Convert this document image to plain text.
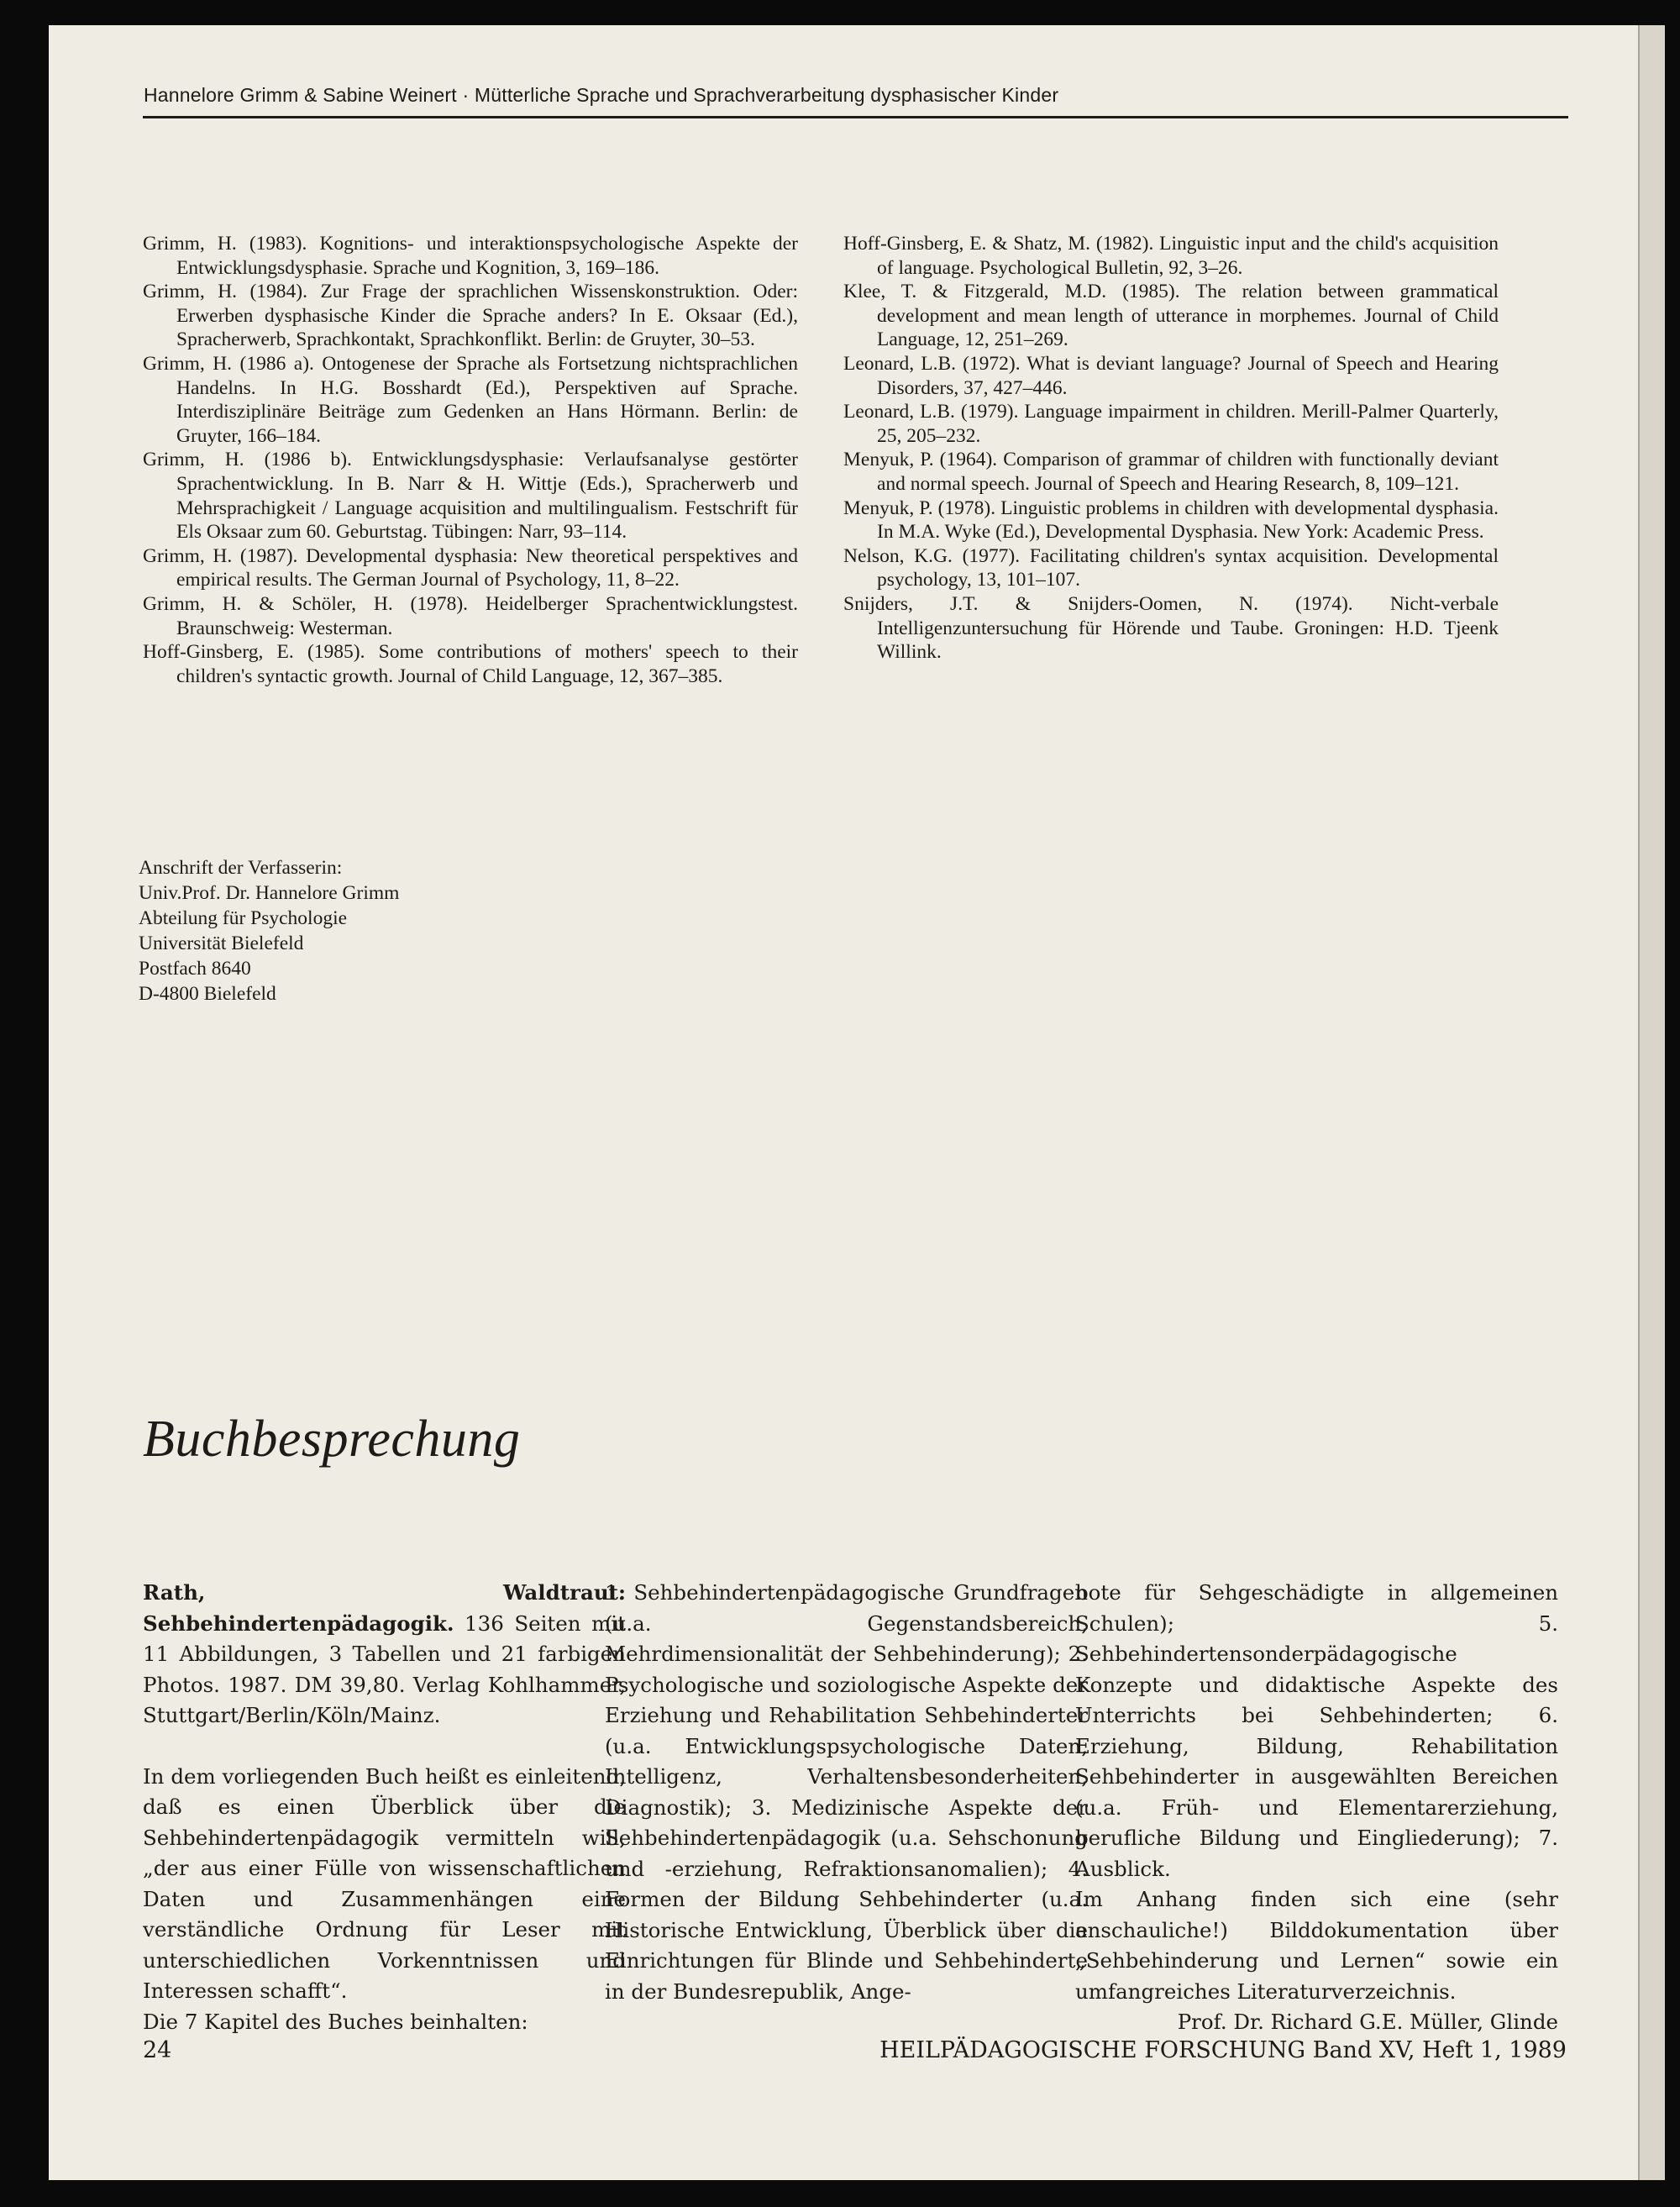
Hannelore Grimm & Sabine Weinert · Mütterliche Sprache und Sprachverarbeitung dysphasischer Kinder
Grimm, H. (1983). Kognitions- und interaktionspsychologische Aspekte der Entwicklungsdysphasie. Sprache und Kognition, 3, 169–186.
Grimm, H. (1984). Zur Frage der sprachlichen Wissenskonstruktion. Oder: Erwerben dysphasische Kinder die Sprache anders? In E. Oksaar (Ed.), Spracherwerb, Sprachkontakt, Sprachkonflikt. Berlin: de Gruyter, 30–53.
Grimm, H. (1986 a). Ontogenese der Sprache als Fortsetzung nichtsprachlichen Handelns. In H.G. Bosshardt (Ed.), Perspektiven auf Sprache. Interdisziplinäre Beiträge zum Gedenken an Hans Hörmann. Berlin: de Gruyter, 166–184.
Grimm, H. (1986 b). Entwicklungsdysphasie: Verlaufsanalyse gestörter Sprachentwicklung. In B. Narr & H. Wittje (Eds.), Spracherwerb und Mehrsprachigkeit / Language acquisition and multilingualism. Festschrift für Els Oksaar zum 60. Geburtstag. Tübingen: Narr, 93–114.
Grimm, H. (1987). Developmental dysphasia: New theoretical perspektives and empirical results. The German Journal of Psychology, 11, 8–22.
Grimm, H. & Schöler, H. (1978). Heidelberger Sprachentwicklungstest. Braunschweig: Westerman.
Hoff-Ginsberg, E. (1985). Some contributions of mothers' speech to their children's syntactic growth. Journal of Child Language, 12, 367–385.
Hoff-Ginsberg, E. & Shatz, M. (1982). Linguistic input and the child's acquisition of language. Psychological Bulletin, 92, 3–26.
Klee, T. & Fitzgerald, M.D. (1985). The relation between grammatical development and mean length of utterance in morphemes. Journal of Child Language, 12, 251–269.
Leonard, L.B. (1972). What is deviant language? Journal of Speech and Hearing Disorders, 37, 427–446.
Leonard, L.B. (1979). Language impairment in children. Merill-Palmer Quarterly, 25, 205–232.
Menyuk, P. (1964). Comparison of grammar of children with functionally deviant and normal speech. Journal of Speech and Hearing Research, 8, 109–121.
Menyuk, P. (1978). Linguistic problems in children with developmental dysphasia. In M.A. Wyke (Ed.), Developmental Dysphasia. New York: Academic Press.
Nelson, K.G. (1977). Facilitating children's syntax acquisition. Developmental psychology, 13, 101–107.
Snijders, J.T. & Snijders-Oomen, N. (1974). Nicht-verbale Intelligenzuntersuchung für Hörende und Taube. Groningen: H.D. Tjeenk Willink.
Anschrift der Verfasserin:
Univ.Prof. Dr. Hannelore Grimm
Abteilung für Psychologie
Universität Bielefeld
Postfach 8640
D-4800 Bielefeld
Buchbesprechung

Rath, Waldtraut: Sehbehindertenpädagogik. 136 Seiten mit 11 Abbildungen, 3 Tabellen und 21 farbigen Photos. 1987. DM 39,80. Verlag Kohlhammer, Stuttgart/Berlin/Köln/Mainz.

In dem vorliegenden Buch heißt es einleitend, daß es einen Überblick über die Sehbehindertenpädagogik vermitteln will, „der aus einer Fülle von wissenschaftlichen Daten und Zusammenhängen eine verständliche Ordnung für Leser mit unterschiedlichen Vorkenntnissen und Interessen schafft“.

Die 7 Kapitel des Buches beinhalten:

1. Sehbehindertenpädagogische Grundfragen (u.a. Gegenstandsbereich, Mehrdimensionalität der Sehbehinderung); 2. Psychologische und soziologische Aspekte der Erziehung und Rehabilitation Sehbehinderter (u.a. Entwicklungspsychologische Daten, Intelligenz, Verhaltensbesonderheiten, Diagnostik); 3. Medizinische Aspekte der Sehbehindertenpädagogik (u.a. Sehschonung und -erziehung, Refraktionsanomalien); 4. Formen der Bildung Sehbehinderter (u.a. Historische Entwicklung, Überblick über die Einrichtungen für Blinde und Sehbehinderte in der Bundesrepublik, Ange-

bote für Sehgeschädigte in allgemeinen Schulen); 5. Sehbehindertensonderpädagogische Konzepte und didaktische Aspekte des Unterrichts bei Sehbehinderten; 6. Erziehung, Bildung, Rehabilitation Sehbehinderter in ausgewählten Bereichen (u.a. Früh- und Elementarerziehung, berufliche Bildung und Eingliederung); 7. Ausblick.

Im Anhang finden sich eine (sehr anschauliche!) Bilddokumentation über „Sehbehinderung und Lernen“ sowie ein umfangreiches Literaturverzeichnis.

Prof. Dr. Richard G.E. Müller, Glinde

24	HEILPÄDAGOGISCHE FORSCHUNG Band XV, Heft 1, 1989
